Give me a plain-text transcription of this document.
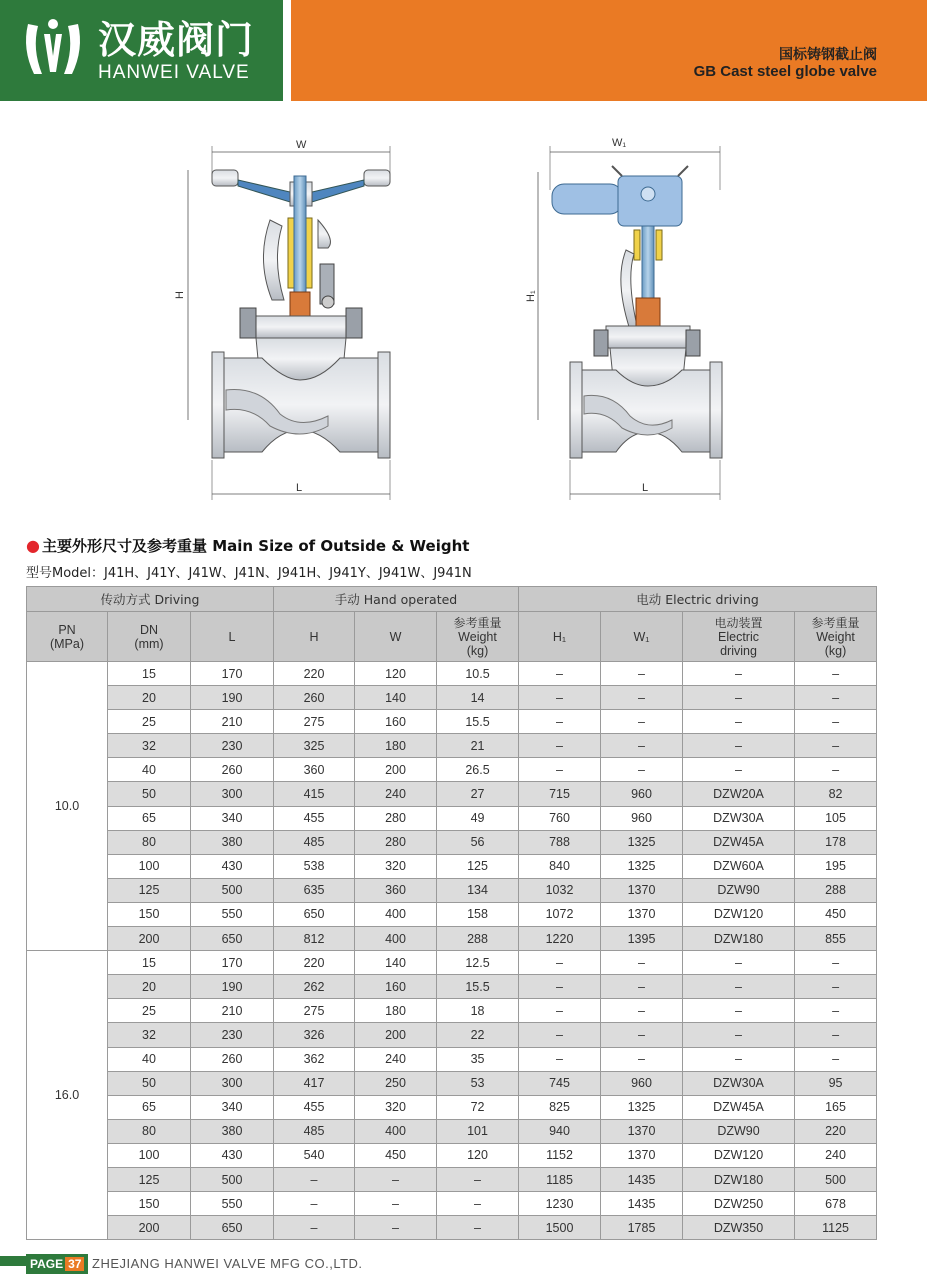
汉威阀门
HANWEI VALVE
国标铸钢截止阀
GB Cast steel globe valve
W
H
L
W₁
H₁
L
● 主要外形尺寸及参考重量 Main Size of Outside & Weight
型号Model：J41H、J41Y、J41W、J41N、J941H、J941Y、J941W、J941N
传动方式 Driving			手动 Hand operated			电动 Electric driving			
PN
(MPa)	DN
(mm)	L	H	W	参考重量
Weight
(kg)	H₁	W₁	电动装置
Electric
driving	参考重量
Weight
(kg)
10.0	15	170	220	120	10.5	–	–	–	–
	20	190	260	140	14	–	–	–	–
	25	210	275	160	15.5	–	–	–	–
	32	230	325	180	21	–	–	–	–
	40	260	360	200	26.5	–	–	–	–
	50	300	415	240	27	715	960	DZW20A	82
	65	340	455	280	49	760	960	DZW30A	105
	80	380	485	280	56	788	1325	DZW45A	178
	100	430	538	320	125	840	1325	DZW60A	195
	125	500	635	360	134	1032	1370	DZW90	288
	150	550	650	400	158	1072	1370	DZW120	450
	200	650	812	400	288	1220	1395	DZW180	855
16.0	15	170	220	140	12.5	–	–	–	–
	20	190	262	160	15.5	–	–	–	–
	25	210	275	180	18	–	–	–	–
	32	230	326	200	22	–	–	–	–
	40	260	362	240	35	–	–	–	–
	50	300	417	250	53	745	960	DZW30A	95
	65	340	455	320	72	825	1325	DZW45A	165
	80	380	485	400	101	940	1370	DZW90	220
	100	430	540	450	120	1152	1370	DZW120	240
	125	500	–	–	–	1185	1435	DZW180	500
	150	550	–	–	–	1230	1435	DZW250	678
	200	650	–	–	–	1500	1785	DZW350	1125
PAGE 37 ZHEJIANG HANWEI VALVE MFG CO.,LTD.
